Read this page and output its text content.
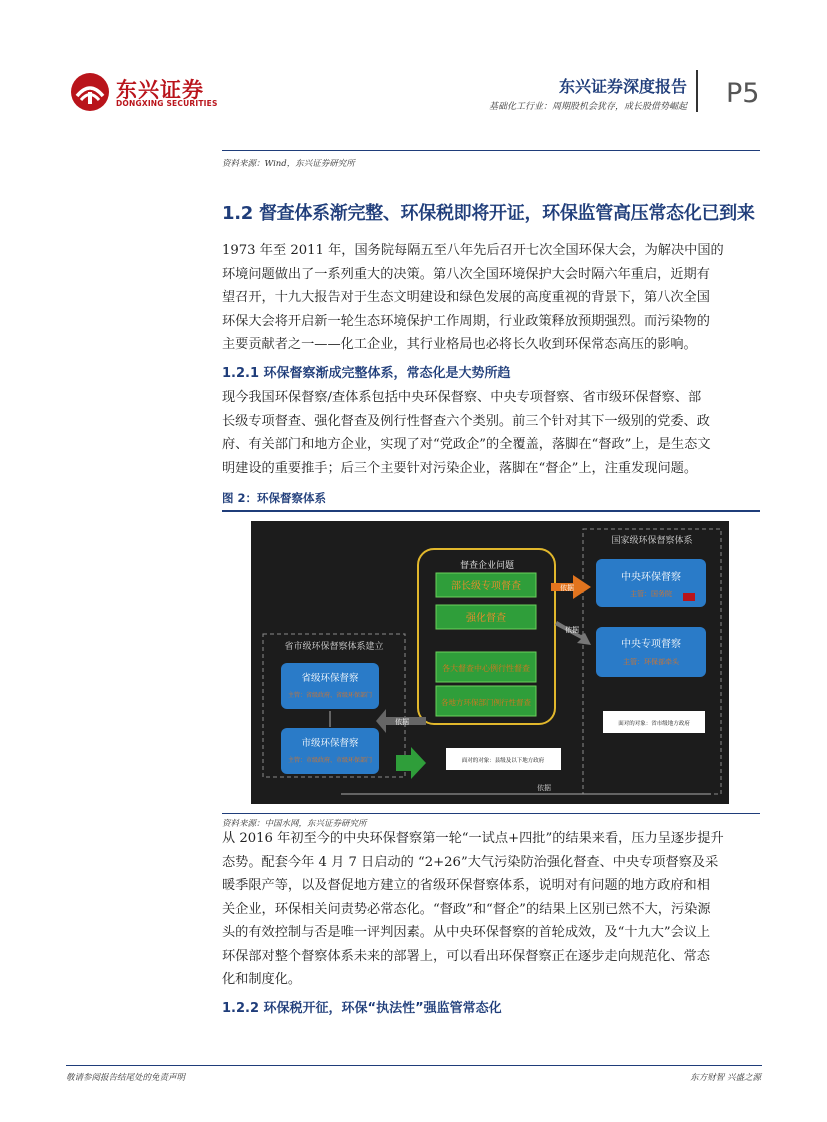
东兴证券
DONGXING SECURITIES
东兴证券深度报告
基础化工行业：周期股机会犹存，成长股借势崛起 P5
资料来源：Wind，东兴证券研究所
1.2 督查体系渐完整、环保税即将开证，环保监管高压常态化已到来
1973 年至 2011 年，国务院每隔五至八年先后召开七次全国环保大会，为解决中国的
环境问题做出了一系列重大的决策。第八次全国环境保护大会时隔六年重启，近期有
望召开，十九大报告对于生态文明建设和绿色发展的高度重视的背景下，第八次全国
环保大会将开启新一轮生态环境保护工作周期，行业政策释放预期强烈。而污染物的
主要贡献者之一——化工企业，其行业格局也必将长久收到环保常态高压的影响。
1.2.1 环保督察渐成完整体系，常态化是大势所趋
现今我国环保督察/查体系包括中央环保督察、中央专项督察、省市级环保督察、部
长级专项督查、强化督查及例行性督查六个类别。前三个针对其下一级别的党委、政
府、有关部门和地方企业，实现了对“党政企”的全覆盖，落脚在“督政”上，是生态文
明建设的重要推手；后三个主要针对污染企业，落脚在“督企”上，注重发现问题。
图 2：环保督察体系
国家级环保督察体系
督查企业问题
部长级专项督查
强化督查
各大督查中心例行性督查
各地方环保部门例行性督查
中央环保督察
主管：国务院
中央专项督察
主管：环保部牵头
依据
依据
省市级环保督察体系建立
省级环保督察
主管：省级政府、省级环保部门
市级环保督察
主管：市级政府、市级环保部门
依据
面对的对象：县级及以下地方政府
面对的对象：省市级地方政府
依据
资料来源：中国水网，东兴证券研究所
从 2016 年初至今的中央环保督察第一轮“一试点+四批”的结果来看，压力呈逐步提升
态势。配套今年 4 月 7 日启动的 “2+26”大气污染防治强化督查、中央专项督察及采
暖季限产等，以及督促地方建立的省级环保督察体系，说明对有问题的地方政府和相
关企业，环保相关问责势必常态化。“督政”和“督企”的结果上区别已然不大，污染源
头的有效控制与否是唯一评判因素。从中央环保督察的首轮成效，及“十九大”会议上
环保部对整个督察体系未来的部署上，可以看出环保督察正在逐步走向规范化、常态
化和制度化。
1.2.2 环保税开征，环保“执法性”强监管常态化
敬请参阅报告结尾处的免责声明	东方财智 兴盛之源
